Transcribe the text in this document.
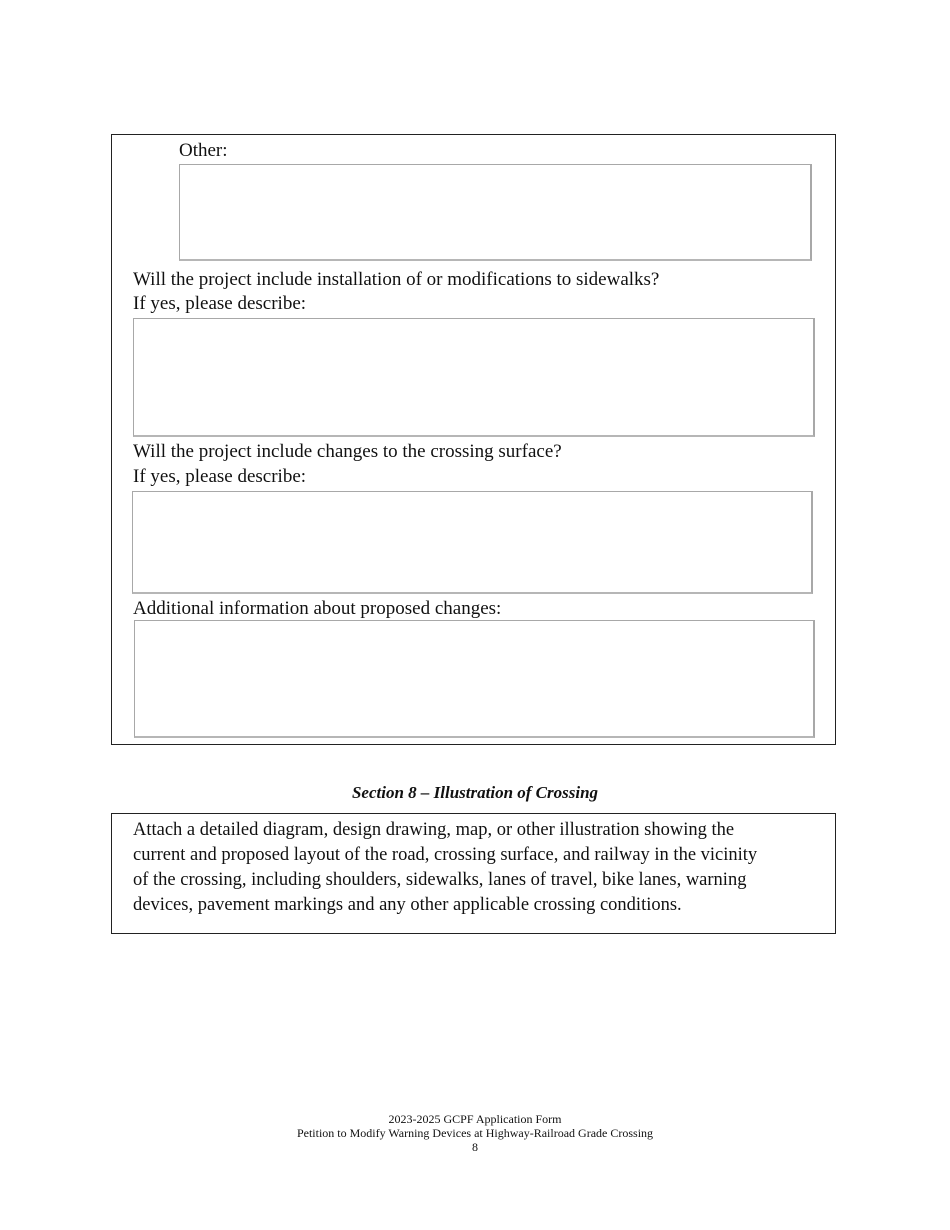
Other:
Will the project include installation of or modifications to sidewalks?
If yes, please describe:
Will the project include changes to the crossing surface?
If yes, please describe:
Additional information about proposed changes:
Section 8 – Illustration of Crossing
Attach a detailed diagram, design drawing, map, or other illustration showing the
current and proposed layout of the road, crossing surface, and railway in the vicinity
of the crossing, including shoulders, sidewalks, lanes of travel, bike lanes, warning
devices, pavement markings and any other applicable crossing conditions.
2023-2025 GCPF Application Form
Petition to Modify Warning Devices at Highway-Railroad Grade Crossing
8
